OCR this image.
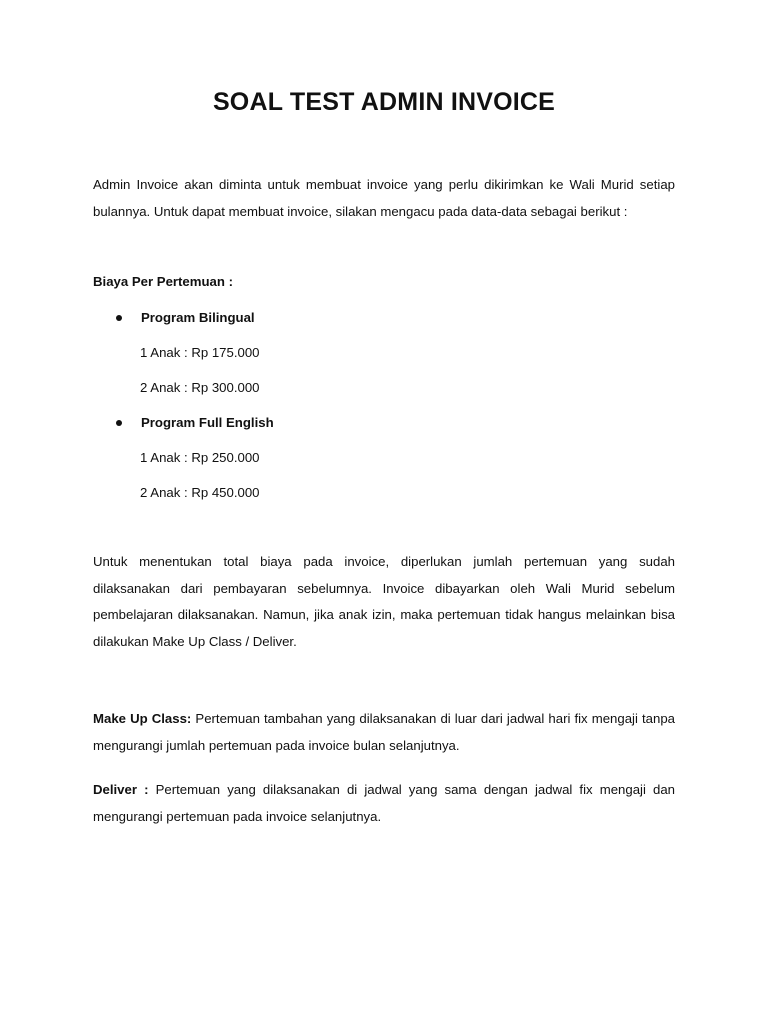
SOAL TEST ADMIN INVOICE

Admin Invoice akan diminta untuk membuat invoice yang perlu dikirimkan ke Wali Murid setiap bulannya. Untuk dapat membuat invoice, silakan mengacu pada data-data sebagai berikut :

Biaya Per Pertemuan :

Program Bilingual

1 Anak : Rp 175.000

2 Anak : Rp 300.000

Program Full English

1 Anak : Rp 250.000

2 Anak : Rp 450.000

Untuk menentukan total biaya pada invoice, diperlukan jumlah pertemuan yang sudah dilaksanakan dari pembayaran sebelumnya. Invoice dibayarkan oleh Wali Murid sebelum pembelajaran dilaksanakan. Namun, jika anak izin, maka pertemuan tidak hangus melainkan bisa dilakukan Make Up Class / Deliver.

Make Up Class: Pertemuan tambahan yang dilaksanakan di luar dari jadwal hari fix mengaji tanpa mengurangi jumlah pertemuan pada invoice bulan selanjutnya.

Deliver : Pertemuan yang dilaksanakan di jadwal yang sama dengan jadwal fix mengaji dan mengurangi pertemuan pada invoice selanjutnya.
